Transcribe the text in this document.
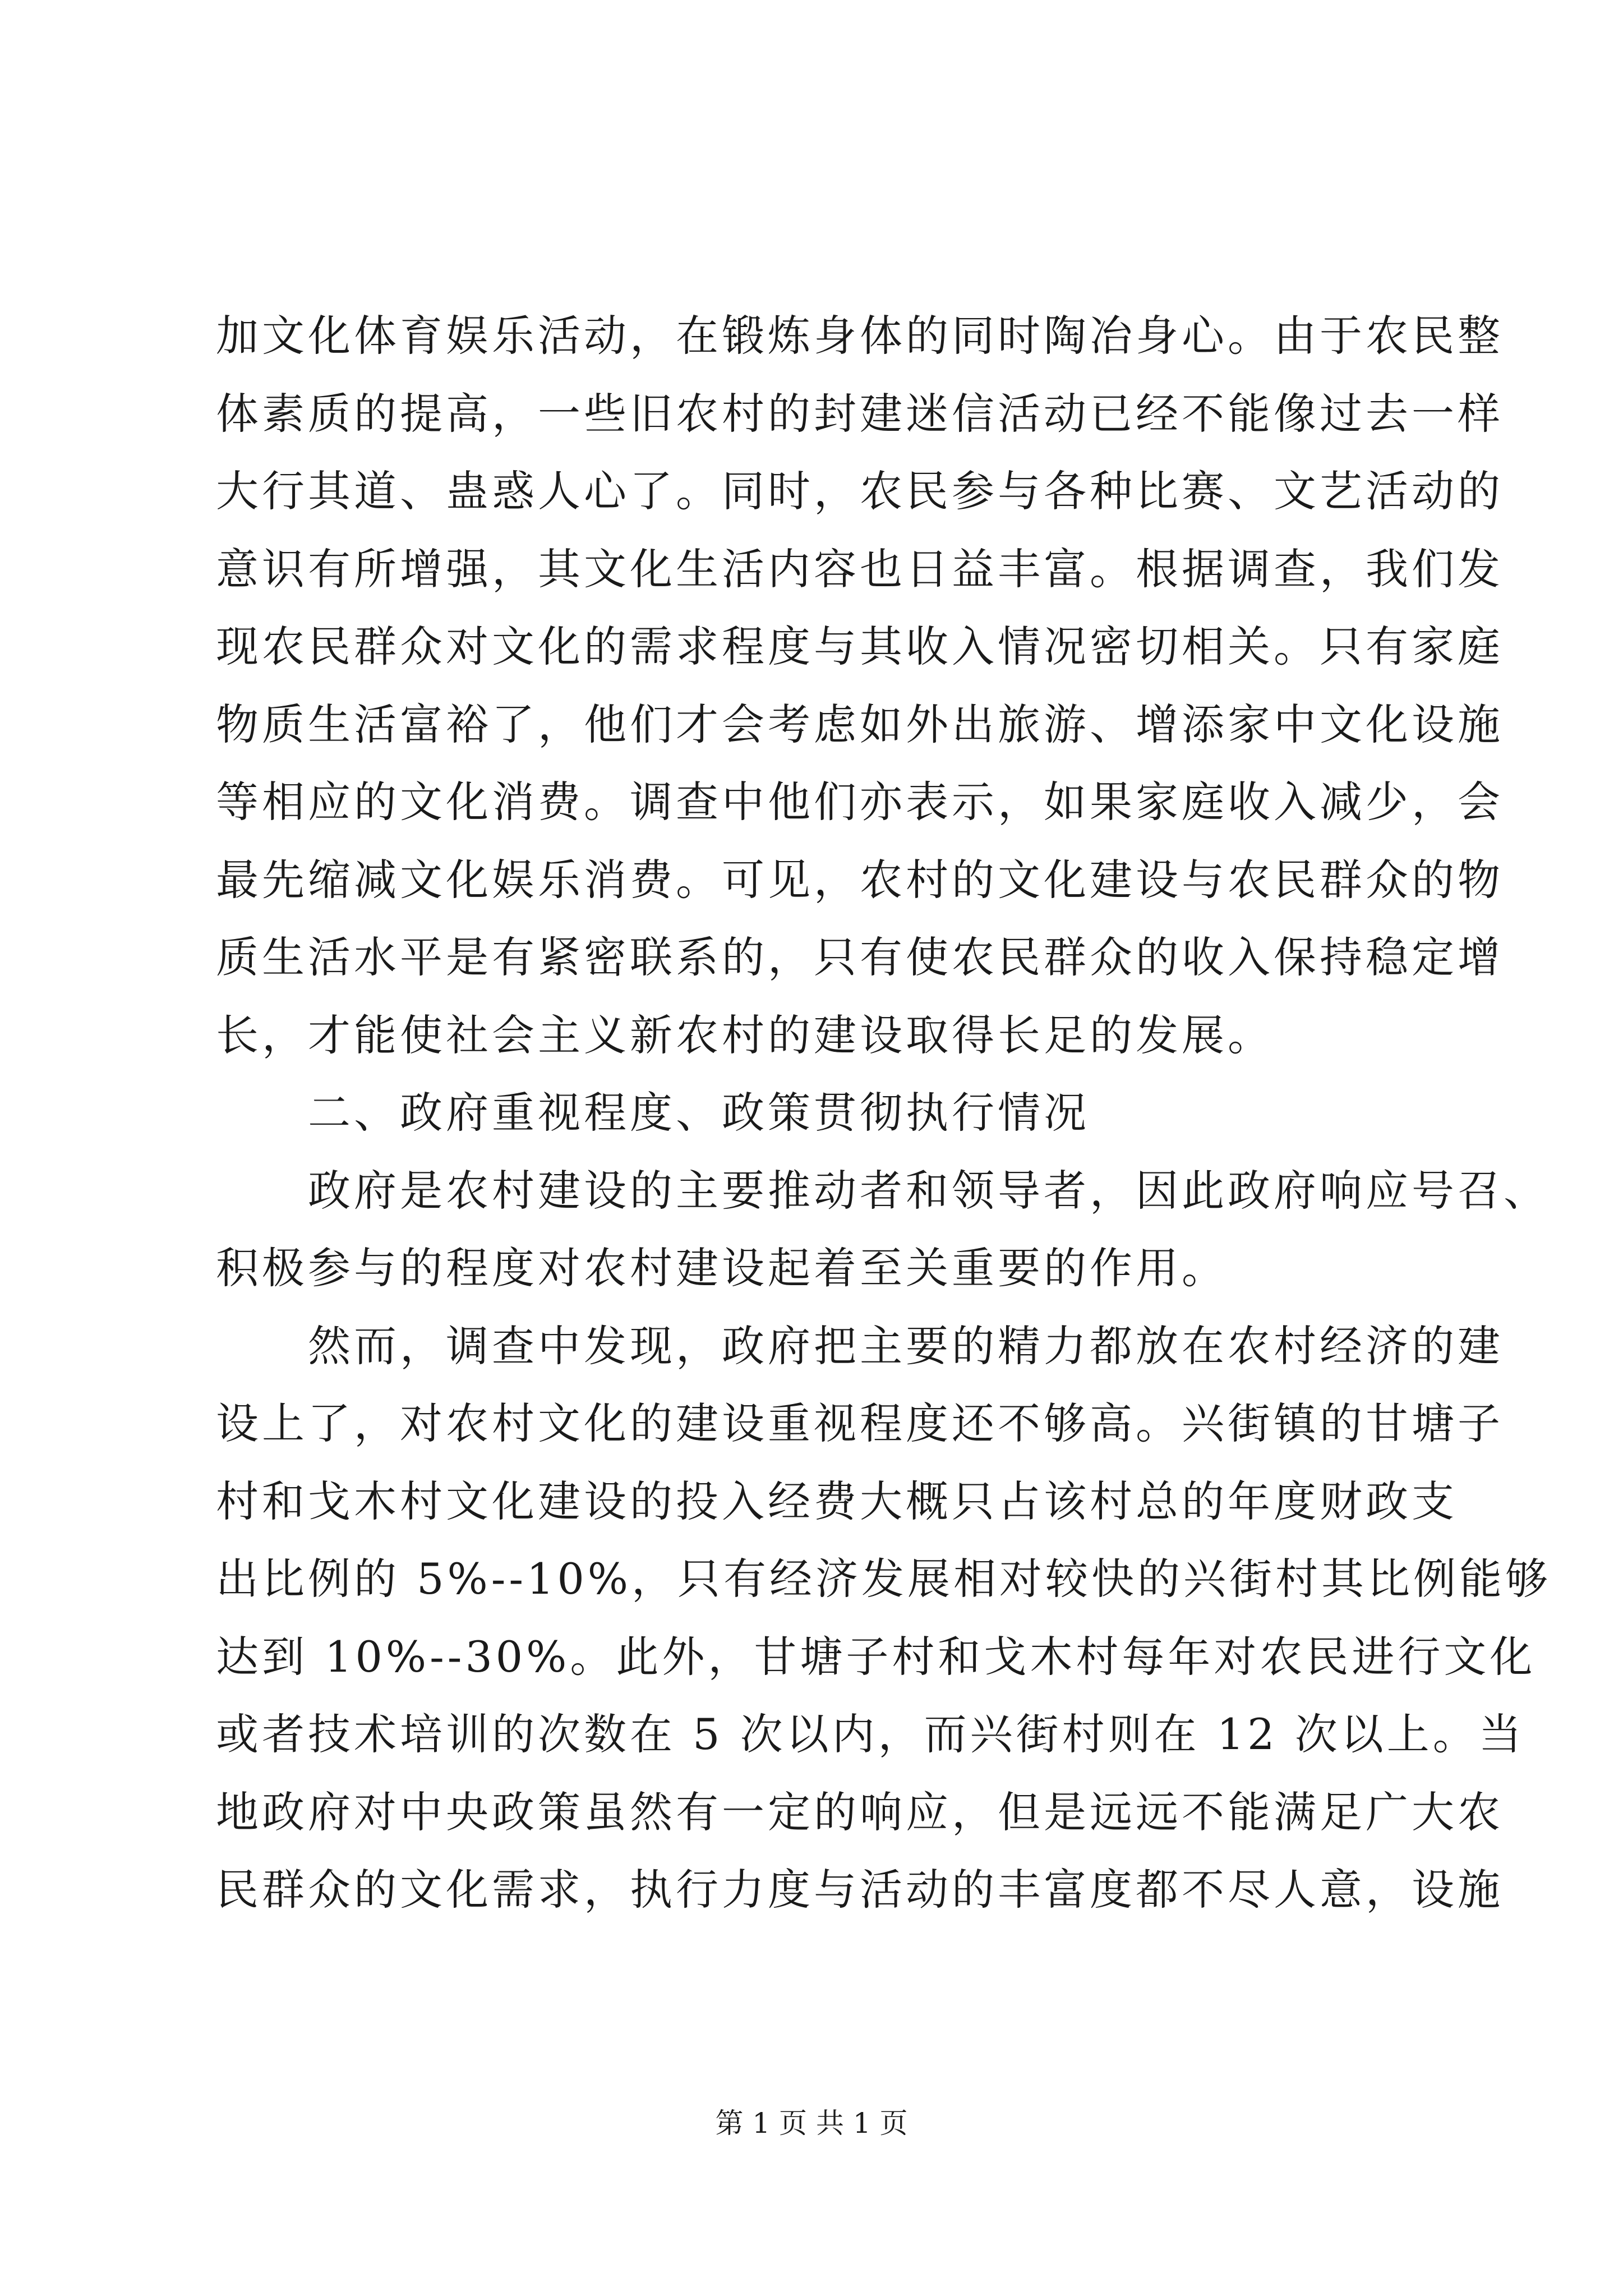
加文化体育娱乐活动，在锻炼身体的同时陶冶身心。由于农民整
体素质的提高，一些旧农村的封建迷信活动已经不能像过去一样
大行其道、蛊惑人心了。同时，农民参与各种比赛、文艺活动的
意识有所增强，其文化生活内容也日益丰富。根据调查，我们发
现农民群众对文化的需求程度与其收入情况密切相关。只有家庭
物质生活富裕了，他们才会考虑如外出旅游、增添家中文化设施
等相应的文化消费。调查中他们亦表示，如果家庭收入减少，会
最先缩减文化娱乐消费。可见，农村的文化建设与农民群众的物
质生活水平是有紧密联系的，只有使农民群众的收入保持稳定增
长，才能使社会主义新农村的建设取得长足的发展。
　　二、政府重视程度、政策贯彻执行情况
　　政府是农村建设的主要推动者和领导者，因此政府响应号召、
积极参与的程度对农村建设起着至关重要的作用。
　　然而，调查中发现，政府把主要的精力都放在农村经济的建
设上了，对农村文化的建设重视程度还不够高。兴街镇的甘塘子
村和戈木村文化建设的投入经费大概只占该村总的年度财政支
出比例的 5%--10%，只有经济发展相对较快的兴街村其比例能够
达到 10%--30%。此外，甘塘子村和戈木村每年对农民进行文化
或者技术培训的次数在 5 次以内，而兴街村则在 12 次以上。当
地政府对中央政策虽然有一定的响应，但是远远不能满足广大农
民群众的文化需求，执行力度与活动的丰富度都不尽人意，设施
第 1 页 共 1 页
